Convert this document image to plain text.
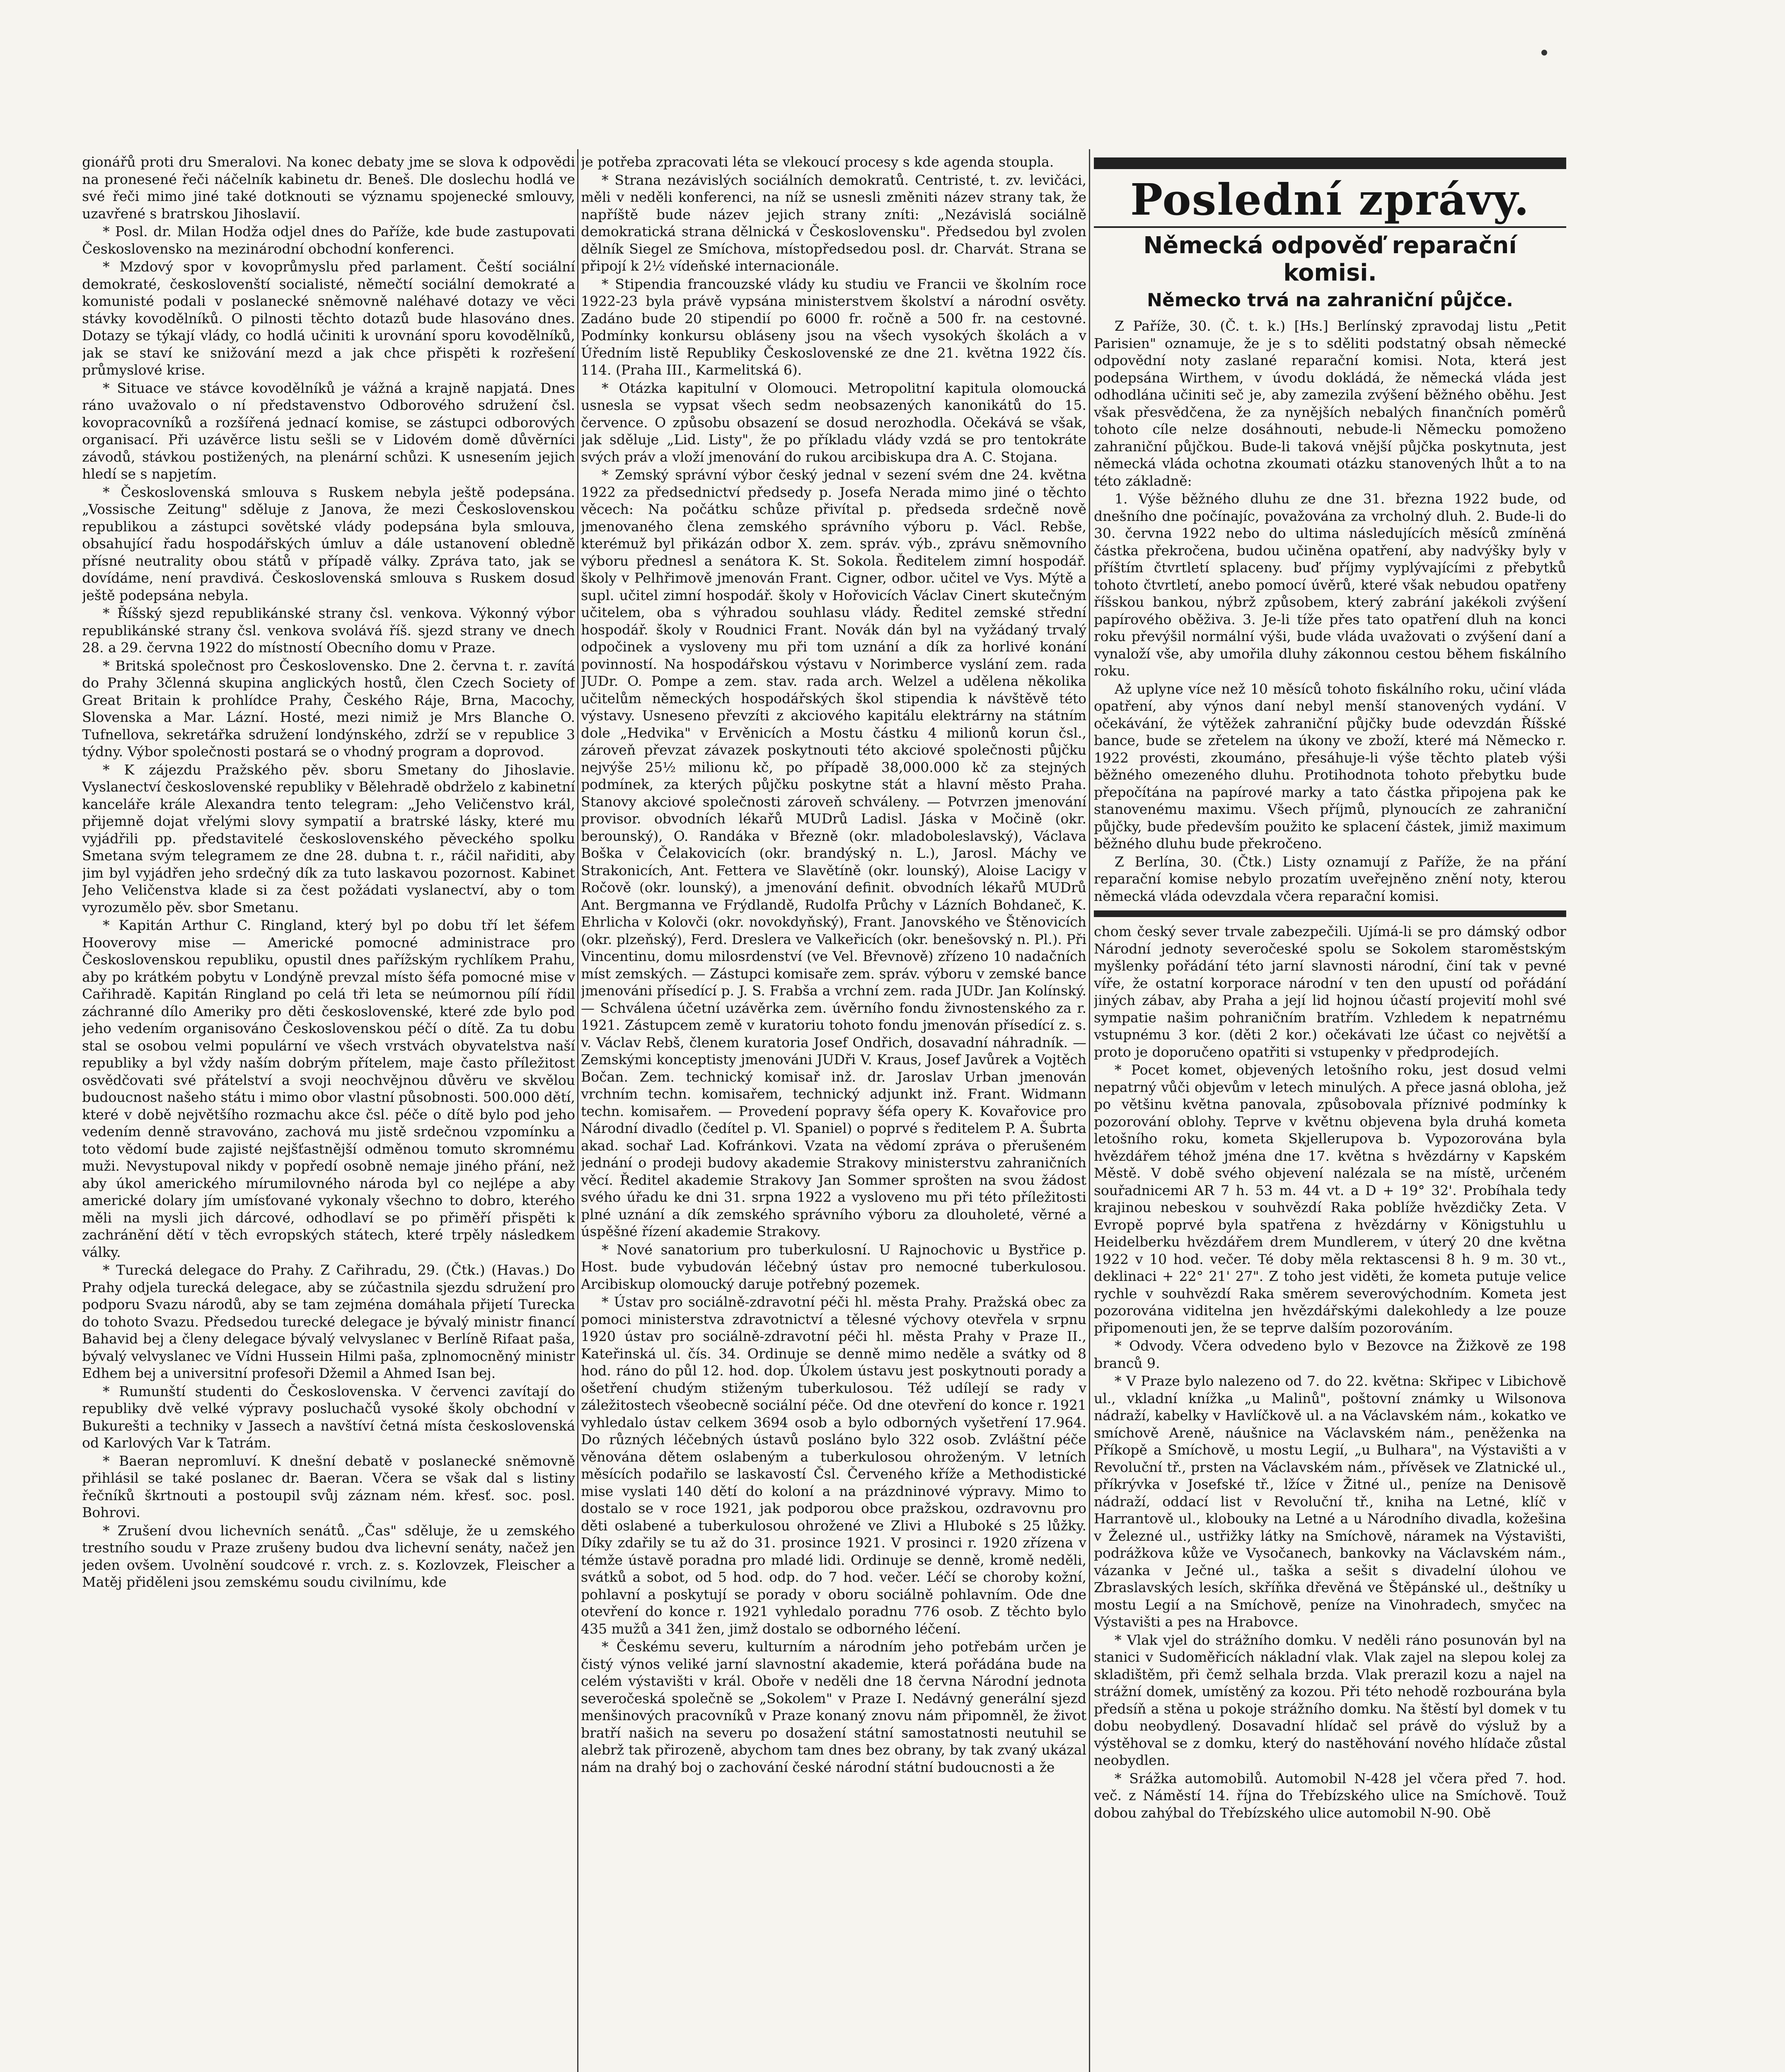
gionářů proti dru Smeralovi. Na konec debaty jme se slova k odpovědi na pronesené řeči náčelník kabinetu dr. Beneš. Dle doslechu hodlá ve své řeči mimo jiné také dotknouti se významu spojenecké smlouvy, uzavřené s bratrskou Jihoslavií.

* Posl. dr. Milan Hodža odjel dnes do Paříže, kde bude zastupovati Československo na mezinárodní obchodní konferenci.

* Mzdový spor v kovoprůmyslu před parlament. Čeští sociální demokraté, českoslovenští socialisté, němečtí sociální demokraté a komunisté podali v poslanecké sněmovně naléhavé dotazy ve věci stávky kovodělníků. O pilnosti těchto dotazů bude hlasováno dnes. Dotazy se týkají vlády, co hodlá učiniti k urovnání sporu kovodělníků, jak se staví ke snižování mezd a jak chce přispěti k rozřešení průmyslové krise.

* Situace ve stávce kovodělníků je vážná a krajně napjatá. Dnes ráno uvažovalo o ní představenstvo Odborového sdružení čsl. kovopracovníků a rozšířená jednací komise, se zástupci odborových organisací. Při uzávěrce listu sešli se v Lidovém domě důvěrníci závodů, stávkou postižených, na plenární schůzi. K usnesením jejich hledí se s napjetím.

* Československá smlouva s Ruskem nebyla ještě podepsána. „Vossische Zeitung" sděluje z Janova, že mezi Československou republikou a zástupci sovětské vlády podepsána byla smlouva, obsahující řadu hospodářských úmluv a dále ustanovení obledně přísné neutrality obou států v případě války. Zpráva tato, jak se dovídáme, není pravdivá. Československá smlouva s Ruskem dosud ještě podepsána nebyla.

* Říšský sjezd republikánské strany čsl. venkova. Výkonný výbor republikánské strany čsl. venkova svolává říš. sjezd strany ve dnech 28. a 29. června 1922 do místností Obecního domu v Praze.

* Britská společnost pro Československo. Dne 2. června t. r. zavítá do Prahy 3členná skupina anglických hostů, člen Czech Society of Great Britain k prohlídce Prahy, Českého Ráje, Brna, Macochy, Slovenska a Mar. Lázní. Hosté, mezi nimiž je Mrs Blanche O. Tufnellova, sekretářka sdružení londýnského, zdrží se v republice 3 týdny. Výbor společnosti postará se o vhodný program a doprovod.

* K zájezdu Pražského pěv. sboru Smetany do Jihoslavie. Vyslanectví československé republiky v Bělehradě obdrželo z kabinetní kanceláře krále Alexandra tento telegram: „Jeho Veličenstvo král, přijemně dojat vřelými slovy sympatií a bratrské lásky, které mu vyjádřili pp. představitelé československého pěveckého spolku Smetana svým telegramem ze dne 28. dubna t. r., ráčil nařiditi, aby jim byl vyjádřen jeho srdečný dík za tuto laskavou pozornost. Kabinet Jeho Veličenstva klade si za čest požádati vyslanectví, aby o tom vyrozumělo pěv. sbor Smetanu.

* Kapitán Arthur C. Ringland, který byl po dobu tří let šéfem Hooverovy mise — Americké pomocné administrace pro Československou republiku, opustil dnes pařížským rychlíkem Prahu, aby po krátkém pobytu v Londýně prevzal místo šéfa pomocné mise v Cařihradě. Kapitán Ringland po celá tři leta se neúmornou pílí řídil záchranné dílo Ameriky pro děti československé, které zde bylo pod jeho vedením organisováno Československou péčí o dítě. Za tu dobu stal se osobou velmi populární ve všech vrstvách obyvatelstva naší republiky a byl vždy naším dobrým přítelem, maje často příležitost osvědčovati své přátelství a svoji neochvějnou důvěru ve skvělou budoucnost našeho státu i mimo obor vlastní působnosti. 500.000 dětí, které v době největšího rozmachu akce čsl. péče o dítě bylo pod jeho vedením denně stravováno, zachová mu jistě srdečnou vzpomínku a toto vědomí bude zajisté nejšťastnější odměnou tomuto skromnému muži. Nevystupoval nikdy v popředí osobně nemaje jiného přání, než aby úkol amerického mírumilovného národa byl co nejlépe a aby americké dolary jím umísťované vykonaly všechno to dobro, kterého měli na mysli jich dárcové, odhodlaví se po přiměří přispěti k zachránění dětí v těch evropských státech, které trpěly následkem války.

* Turecká delegace do Prahy. Z Cařihradu, 29. (Čtk.) (Havas.) Do Prahy odjela turecká delegace, aby se zúčastnila sjezdu sdružení pro podporu Svazu národů, aby se tam zejména domáhala přijetí Turecka do tohoto Svazu. Předsedou turecké delegace je bývalý ministr financí Bahavid bej a členy delegace bývalý velvyslanec v Berlíně Rifaat paša, bývalý velvyslanec ve Vídni Hussein Hilmi paša, zplnomocněný ministr Edhem bej a universitní profesoři Džemil a Ahmed Isan bej.

* Rumunští studenti do Československa. V červenci zavítají do republiky dvě velké výpravy posluchačů vysoké školy obchodní v Bukurešti a techniky v Jassech a navštíví četná místa československá od Karlových Var k Tatrám.

* Baeran nepromluví. K dnešní debatě v poslanecké sněmovně přihlásil se také poslanec dr. Baeran. Včera se však dal s listiny řečníků škrtnouti a postoupil svůj záznam ném. křesť. soc. posl. Bohrovi.

* Zrušení dvou lichevních senátů. „Čas" sděluje, že u zemského trestního soudu v Praze zrušeny budou dva lichevní senáty, načež jen jeden ovšem. Uvolnění soudcové r. vrch. z. s. Kozlovzek, Fleischer a Matěj přiděleni jsou zemskému soudu civilnímu, kde

je potřeba zpracovati léta se vlekoucí procesy s kde agenda stoupla.

* Strana nezávislých sociálních demokratů. Centristé, t. zv. levičáci, měli v neděli konferenci, na níž se usnesli změniti název strany tak, že napříště bude název jejich strany zníti: „Nezávislá sociálně demokratická strana dělnická v Československu". Předsedou byl zvolen dělník Siegel ze Smíchova, místopředsedou posl. dr. Charvát. Strana se připojí k 2½ vídeňské internacionále.

* Stipendia francouzské vlády ku studiu ve Francii ve školním roce 1922-23 byla právě vypsána ministerstvem školství a národní osvěty. Zadáno bude 20 stipendií po 6000 fr. ročně a 500 fr. na cestovné. Podmínky konkursu obláseny jsou na všech vysokých školách a v Úředním listě Republiky Československé ze dne 21. května 1922 čís. 114. (Praha III., Karmelitská 6).

* Otázka kapitulní v Olomouci. Metropolitní kapitula olomoucká usnesla se vypsat všech sedm neobsazených kanonikátů do 15. července. O způsobu obsazení se dosud nerozhodla. Očekává se však, jak sděluje „Lid. Listy", že po příkladu vlády vzdá se pro tentokráte svých práv a vloží jmenování do rukou arcibiskupa dra A. C. Stojana.

* Zemský správní výbor český jednal v sezení svém dne 24. května 1922 za předsednictví předsedy p. Josefa Nerada mimo jiné o těchto věcech: Na počátku schůze přivítal p. předseda srdečně nově jmenovaného člena zemského správního výboru p. Václ. Rebše, kterémuž byl přikázán odbor X. zem. správ. výb., zprávu sněmovního výboru přednesl a senátora K. St. Sokola. Ředitelem zimní hospodář. školy v Pelhřimově jmenován Frant. Cigner, odbor. učitel ve Vys. Mýtě a supl. učitel zimní hospodář. školy v Hořovicích Václav Cinert skutečným učitelem, oba s výhradou souhlasu vlády. Ředitel zemské střední hospodář. školy v Roudnici Frant. Novák dán byl na vyžádaný trvalý odpočinek a vysloveny mu při tom uznání a dík za horlivé konání povinností. Na hospodářskou výstavu v Norimberce vyslání zem. rada JUDr. O. Pompe a zem. stav. rada arch. Welzel a udělena několika učitelům německých hospodářských škol stipendia k návštěvě této výstavy. Usneseno převzíti z akciového kapitálu elektrárny na státním dole „Hedvika" v Ervěnicích a Mostu částku 4 milionů korun čsl., zároveň převzat závazek poskytnouti této akciové společnosti půjčku nejvýše 25½ milionu kč, po případě 38,000.000 kč za stejných podmínek, za kterých půjčku poskytne stát a hlavní město Praha. Stanovy akciové společnosti zároveň schváleny. — Potvrzen jmenování provisor. obvodních lékařů MUDrů Ladisl. Jáska v Močině (okr. berounský), O. Randáka v Březně (okr. mladoboleslavský), Václava Boška v Čelakovicích (okr. brandýský n. L.), Jarosl. Máchy ve Strakonicích, Ant. Fettera ve Slavětíně (okr. lounský), Aloise Lacigy v Ročově (okr. lounský), a jmenování definit. obvodních lékařů MUDrů Ant. Bergmanna ve Frýdlandě, Rudolfa Průchy v Lázních Bohdaneč, K. Ehrlicha v Kolovči (okr. novokdyňský), Frant. Janovského ve Štěnovicích (okr. plzeňský), Ferd. Dreslera ve Valkeřicích (okr. benešovský n. Pl.). Při Vincentinu, domu milosrdenství (ve Vel. Břevnově) zřízeno 10 nadačních míst zemských. — Zástupci komisaře zem. správ. výboru v zemské bance jmenováni přísedící p. J. S. Frabša a vrchní zem. rada JUDr. Jan Kolínský. — Schválena účetní uzávěrka zem. úvěrního fondu živnostenského za r. 1921. Zástupcem země v kuratoriu tohoto fondu jmenován přísedící z. s. v. Václav Rebš, členem kuratoria Josef Ondřich, dosavadní náhradník. — Zemskými konceptisty jmenováni JUDři V. Kraus, Josef Javůrek a Vojtěch Bočan. Zem. technický komisař inž. dr. Jaroslav Urban jmenován vrchním techn. komisařem, technický adjunkt inž. Frant. Widmann techn. komisařem. — Provedení popravy šéfa opery K. Kovařovice pro Národní divadlo (čedítel p. Vl. Spaniel) o poprvé s ředitelem P. A. Šubrta akad. sochař Lad. Kofránkovi. Vzata na vědomí zpráva o přerušeném jednání o prodeji budovy akademie Strakovy ministerstvu zahraničních věcí. Ředitel akademie Strakovy Jan Sommer sprošten na svou žádost svého úřadu ke dni 31. srpna 1922 a vysloveno mu při této příležitosti plné uznání a dík zemského správního výboru za dlouholeté, věrné a úspěšné řízení akademie Strakovy.

* Nové sanatorium pro tuberkulosní. U Rajnochovic u Bystřice p. Host. bude vybudován léčebný ústav pro nemocné tuberkulosou. Arcibiskup olomoucký daruje potřebný pozemek.

* Ústav pro sociálně-zdravotní péči hl. města Prahy. Pražská obec za pomoci ministerstva zdravotnictví a tělesné výchovy otevřela v srpnu 1920 ústav pro sociálně-zdravotní péči hl. města Prahy v Praze II., Kateřinská ul. čís. 34. Ordinuje se denně mimo neděle a svátky od 8 hod. ráno do půl 12. hod. dop. Úkolem ústavu jest poskytnouti porady a ošetření chudým stiženým tuberkulosou. Též udílejí se rady v záležitostech všeobecně sociální péče. Od dne otevření do konce r. 1921 vyhledalo ústav celkem 3694 osob a bylo odborných vyšetření 17.964. Do různých léčebných ústavů posláno bylo 322 osob. Zvláštní péče věnována dětem oslabeným a tuberkulosou ohroženým. V letních měsících podařilo se laskavostí Čsl. Červeného kříže a Methodistické mise vyslati 140 dětí do koloní a na prázdninové výpravy. Mimo to dostalo se v roce 1921, jak podporou obce pražskou, ozdravovnu pro děti oslabené a tuberkulosou ohrožené ve Zlivi a Hluboké s 25 lůžky. Díky zdařily se tu až do 31. prosince 1921. V prosinci r. 1920 zřízena v témže ústavě poradna pro mladé lidi. Ordinuje se denně, kromě neděli, svátků a sobot, od 5 hod. odp. do 7 hod. večer. Léčí se choroby kožní, pohlavní a poskytují se porady v oboru sociálně pohlavním. Ode dne otevření do konce r. 1921 vyhledalo poradnu 776 osob. Z těchto bylo 435 mužů a 341 žen, jimž dostalo se odborného léčení.

* Českému severu, kulturním a národním jeho potřebám určen je čistý výnos veliké jarní slavnostní akademie, která pořádána bude na celém výstavišti v král. Oboře v neděli dne 18 června Národní jednota severočeská společně se „Sokolem" v Praze I. Nedávný generální sjezd menšinových pracovníků v Praze konaný znovu nám připomněl, že život bratří našich na severu po dosažení státní samostatnosti neutuhil se alebrž tak přirozeně, abychom tam dnes bez obrany, by tak zvaný ukázal nám na drahý boj o zachování české národní státní budoucnosti a že

Poslední zprávy.
Německá odpověď reparační komisi.
Německo trvá na zahraniční půjčce.

Z Paříže, 30. (Č. t. k.) [Hs.] Berlínský zpravodaj listu „Petit Parisien" oznamuje, že je s to sděliti podstatný obsah německé odpovědní noty zaslané reparační komisi. Nota, která jest podepsána Wirthem, v úvodu dokládá, že německá vláda jest odhodlána učiniti seč je, aby zamezila zvýšení běžného oběhu. Jest však přesvědčena, že za nynějších nebalých finančních poměrů tohoto cíle nelze dosáhnouti, nebude-li Německu pomoženo zahraniční půjčkou. Bude-li taková vnější půjčka poskytnuta, jest německá vláda ochotna zkoumati otázku stanovených lhůt a to na této základně:

1. Výše běžného dluhu ze dne 31. března 1922 bude, od dnešního dne počínajíc, považována za vrcholný dluh. 2. Bude-li do 30. června 1922 nebo do ultima následujících měsíců zmíněná částka překročena, budou učiněna opatření, aby nadvýšky byly v příštím čtvrtletí splaceny. buď příjmy vyplývajícími z přebytků tohoto čtvrtletí, anebo pomocí úvěrů, které však nebudou opatřeny říšskou bankou, nýbrž způsobem, který zabrání jakékoli zvýšení papírového oběživa. 3. Je-li tíže přes tato opatření dluh na konci roku převýšil normální výši, bude vláda uvažovati o zvýšení daní a vynaloží vše, aby umořila dluhy zákonnou cestou během fiskálního roku.

Až uplyne více než 10 měsíců tohoto fiskálního roku, učiní vláda opatření, aby výnos daní nebyl menší stanovených vydání. V očekávání, že výtěžek zahraniční půjčky bude odevzdán Říšské bance, bude se zřetelem na úkony ve zboží, které má Německo r. 1922 provésti, zkoumáno, přesáhuje-li výše těchto plateb výši běžného omezeného dluhu. Protihodnota tohoto přebytku bude přepočítána na papírové marky a tato částka připojena pak ke stanovenému maximu. Všech příjmů, plynoucích ze zahraniční půjčky, bude především použito ke splacení částek, jimiž maximum běžného dluhu bude překročeno.

Z Berlína, 30. (Čtk.) Listy oznamují z Paříže, že na přání reparační komise nebylo prozatím uveřejněno znění noty, kterou německá vláda odevzdala včera reparační komisi.

chom český sever trvale zabezpečili. Ujímá-li se pro dámský odbor Národní jednoty severočeské spolu se Sokolem staroměstským myšlenky pořádání této jarní slavnosti národní, činí tak v pevné víře, že ostatní korporace národní v ten den upustí od pořádání jiných zábav, aby Praha a její lid hojnou účastí projevití mohl své sympatie našim pohraničním bratřím. Vzhledem k nepatrnému vstupnému 3 kor. (děti 2 kor.) očekávati lze účast co největší a proto je doporučeno opatřiti si vstupenky v předprodejích.

* Pocet komet, objevených letošního roku, jest dosud velmi nepatrný vůči objevům v letech minulých. A přece jasná obloha, jež po většinu května panovala, způsobovala příznivé podmínky k pozorování oblohy. Teprve v květnu objevena byla druhá kometa letošního roku, kometa Skjellerupova b. Vypozorována byla hvězdářem téhož jména dne 17. května s hvězdárny v Kapském Městě. V době svého objevení nalézala se na místě, určeném souřadnicemi AR 7 h. 53 m. 44 vt. a D + 19° 32'. Probíhala tedy krajinou nebeskou v souhvězdí Raka poblíže hvězdičky Zeta. V Evropě poprvé byla spatřena z hvězdárny v Königstuhlu u Heidelberku hvězdářem drem Mundlerem, v úterý 20 dne května 1922 v 10 hod. večer. Té doby měla rektascensi 8 h. 9 m. 30 vt., deklinaci + 22° 21' 27". Z toho jest viděti, že kometa putuje velice rychle v souhvězdí Raka směrem severovýchodním. Kometa jest pozorována viditelna jen hvězdářskými dalekohledy a lze pouze připomenouti jen, že se teprve dalším pozorováním.

* Odvody. Včera odvedeno bylo v Bezovce na Žižkově ze 198 branců 9.

* V Praze bylo nalezeno od 7. do 22. května: Skřipec v Libichově ul., vkladní knížka „u Malinů", poštovní známky u Wilsonova nádraží, kabelky v Havlíčkově ul. a na Václavském nám., kokatko ve smíchově Areně, náušnice na Václavském nám., peněženka na Příkopě a Smíchově, u mostu Legií, „u Bulhara", na Výstavišti a v Revoluční tř., prsten na Václavském nám., přívěsek ve Zlatnické ul., příkrývka v Josefské tř., lžíce v Žitné ul., peníze na Denisově nádraží, oddací list v Revoluční tř., kniha na Letné, klíč v Harrantově ul., klobouky na Letné a u Národního divadla, kožešina v Železné ul., ustřižky látky na Smíchově, náramek na Výstavišti, podrážkova kůže ve Vysočanech, bankovky na Václavském nám., vázanka v Ječné ul., taška a sešit s divadelní úlohou ve Zbraslavských lesích, skříňka dřevěná ve Štěpánské ul., deštníky u mostu Legií a na Smíchově, peníze na Vinohradech, smyčec na Výstavišti a pes na Hrabovce.

* Vlak vjel do strážního domku. V neděli ráno posunován byl na stanici v Sudoměřicích nákladní vlak. Vlak zajel na slepou kolej za skladištěm, při čemž selhala brzda. Vlak prerazil kozu a najel na strážní domek, umístěný za kozou. Při této nehodě rozbourána byla předsíň a stěna u pokoje strážního domku. Na štěstí byl domek v tu dobu neobydlený. Dosavadní hlídač sel právě do výsluž by a výstěhoval se z domku, který do nastěhování nového hlídače zůstal neobydlen.

* Srážka automobilů. Automobil N-428 jel včera před 7. hod. več. z Náměstí 14. října do Třebízského ulice na Smíchově. Touž dobou zahýbal do Třebízského ulice automobil N-90. Obě
